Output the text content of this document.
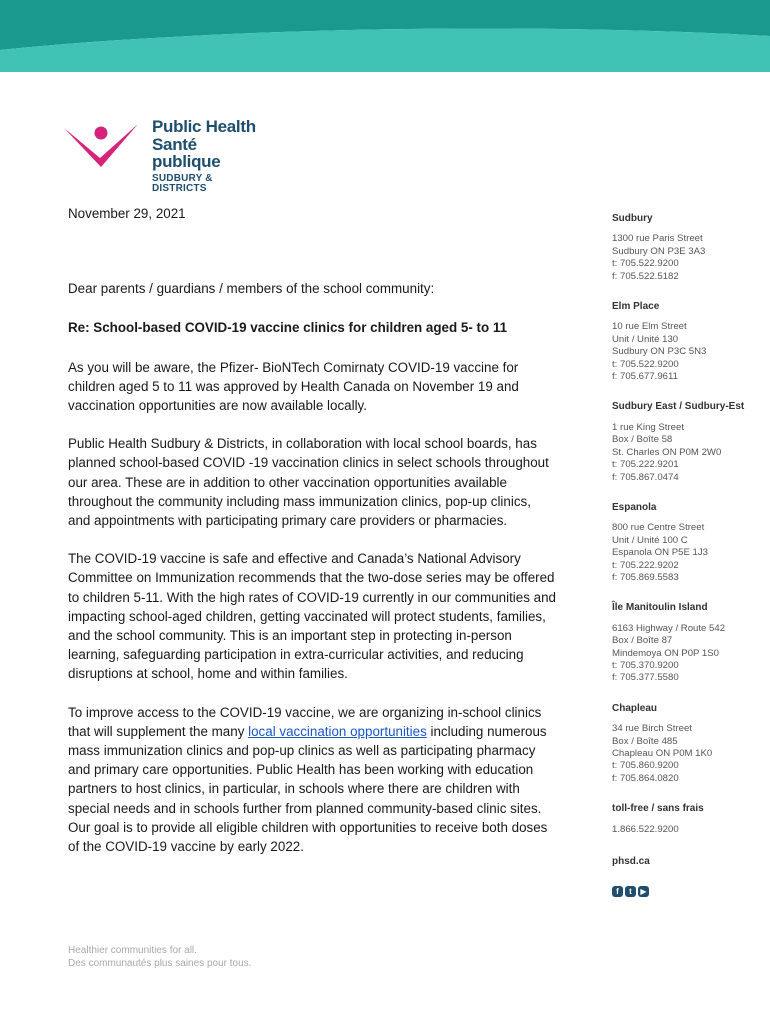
Public Health
Santé publique
SUDBURY & DISTRICTS

November 29, 2021

Dear parents / guardians / members of the school community:

Re: School-based COVID-19 vaccine clinics for children aged 5- to 11

As you will be aware, the Pfizer- BioNTech Comirnaty COVID-19 vaccine for children aged 5 to 11 was approved by Health Canada on November 19 and vaccination opportunities are now available locally.

Public Health Sudbury & Districts, in collaboration with local school boards, has planned school-based COVID -19 vaccination clinics in select schools throughout our area. These are in addition to other vaccination opportunities available throughout the community including mass immunization clinics, pop-up clinics, and appointments with participating primary care providers or pharmacies.

The COVID-19 vaccine is safe and effective and Canada’s National Advisory Committee on Immunization recommends that the two-dose series may be offered to children 5-11. With the high rates of COVID-19 currently in our communities and impacting school-aged children, getting vaccinated will protect students, families, and the school community. This is an important step in protecting in-person learning, safeguarding participation in extra-curricular activities, and reducing disruptions at school, home and within families.

To improve access to the COVID-19 vaccine, we are organizing in-school clinics that will supplement the many local vaccination opportunities including numerous mass immunization clinics and pop-up clinics as well as participating pharmacy and primary care opportunities. Public Health has been working with education partners to host clinics, in particular, in schools where there are children with special needs and in schools further from planned community-based clinic sites. Our goal is to provide all eligible children with opportunities to receive both doses of the COVID-19 vaccine by early 2022.

Healthier communities for all.
Des communautés plus saines pour tous.
Sudbury
1300 rue Paris Street
Sudbury ON P3E 3A3
t: 705.522.9200
f: 705.522.5182
Elm Place
10 rue Elm Street
Unit / Unité 130
Sudbury ON P3C 5N3
t: 705.522.9200
f: 705.677.9611
Sudbury East / Sudbury-Est
1 rue King Street
Box / Boîte 58
St. Charles ON P0M 2W0
t: 705.222.9201
f: 705.867.0474
Espanola
800 rue Centre Street
Unit / Unité 100 C
Espanola ON P5E 1J3
t: 705.222.9202
f: 705.869.5583
Île Manitoulin Island
6163 Highway / Route 542
Box / Boîte 87
Mindemoya ON P0P 1S0
t: 705.370.9200
f: 705.377.5580
Chapleau
34 rue Birch Street
Box / Boîte 485
Chapleau ON P0M 1K0
t: 705.860.9200
f: 705.864.0820
toll-free / sans frais
1.866.522.9200
phsd.ca
f	t	▶
